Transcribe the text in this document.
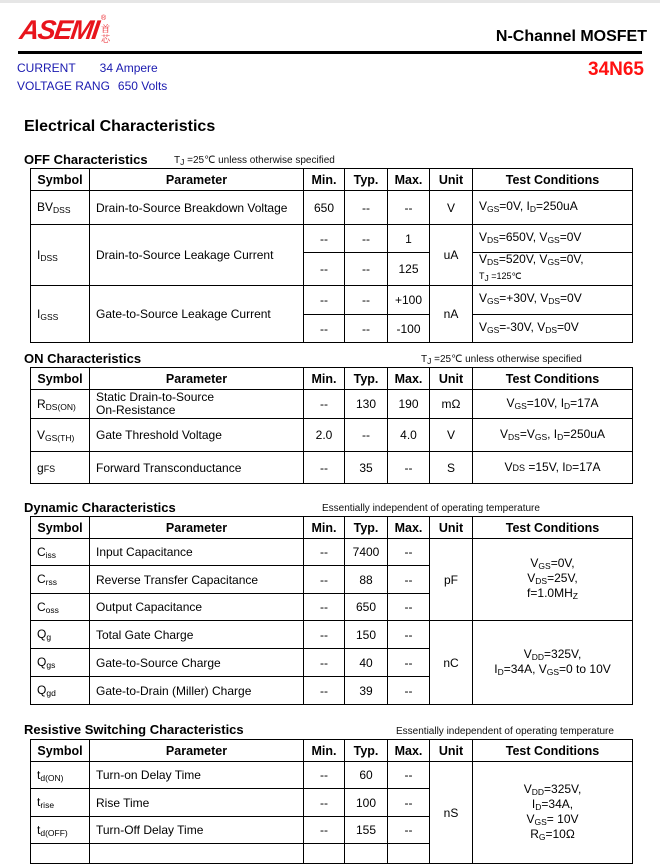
ASEMI ®
首
芯	N-Channel MOSFET
CURRENT 34 Ampere
VOLTAGE RANG 650 Volts
34N65
Electrical Characteristics
OFF Characteristics	$T_J$ =25℃ unless otherwise specified
Symbol	Parameter	Min.	Typ.	Max.	Unit	Test Conditions
$BV_{DSS}$	Drain-to-Source Breakdown Voltage	650	--	--	V	$V_{GS}=0V$, $I_D=250uA$
$I_{DSS}$	Drain-to-Source Leakage Current	--	--	1	uA	$V_{DS}=650V$, $V_{GS}=0V$
		--	--	125		$V_{DS}=520V$, $V_{GS}=0V$,
$T_J$ =125℃
$I_{GSS}$	Gate-to-Source Leakage Current	--	--	+100	nA	$V_{GS}=+30V$, $V_{DS}=0V$
		--	--	-100		$V_{GS}=-30V$, $V_{DS}=0V$
ON Characteristics	$T_J$ =25℃ unless otherwise specified
Symbol	Parameter	Min.	Typ.	Max.	Unit	Test Conditions
$R_{DS(ON)}$	Static Drain-to-Source
On-Resistance	--	130	190	mΩ	$V_{GS}=10V$, $I_D=17A$
$V_{GS(TH)}$	Gate Threshold Voltage	2.0	--	4.0	V	$V_{DS}=V_{GS}$, $I_D=250uA$
gFS	Forward Transconductance	--	35	--	S	VDS =15V, ID=17A
Dynamic Characteristics	Essentially independent of operating temperature
Symbol	Parameter	Min.	Typ.	Max.	Unit	Test Conditions
$C_{iss}$	Input Capacitance	--	7400	--	pF	$V_{GS}=0V$,
$V_{DS}=25V$,
$f=1.0MH_Z$
$C_{rss}$	Reverse Transfer Capacitance	--	88	--		
$C_{oss}$	Output Capacitance	--	650	--		
$Q_g$	Total Gate Charge	--	150	--	nC	$V_{DD}=325V$,
$I_D=34A$, $V_{GS}=0$ to 10V
$Q_{gs}$	Gate-to-Source Charge	--	40	--		
$Q_{gd}$	Gate-to-Drain (Miller) Charge	--	39	--		
Resistive Switching Characteristics	Essentially independent of operating temperature
Symbol	Parameter	Min.	Typ.	Max.	Unit	Test Conditions
$t_{d(ON)}$	Turn-on Delay Time	--	60	--	nS	$V_{DD}=325V$,
$I_D=34A$,
$V_{GS}= 10V$
$R_G=10\Omega$
$t_{rise}$	Rise Time	--	100	--		
$t_{d(OFF)}$	Turn-Off Delay Time	--	155	--		
